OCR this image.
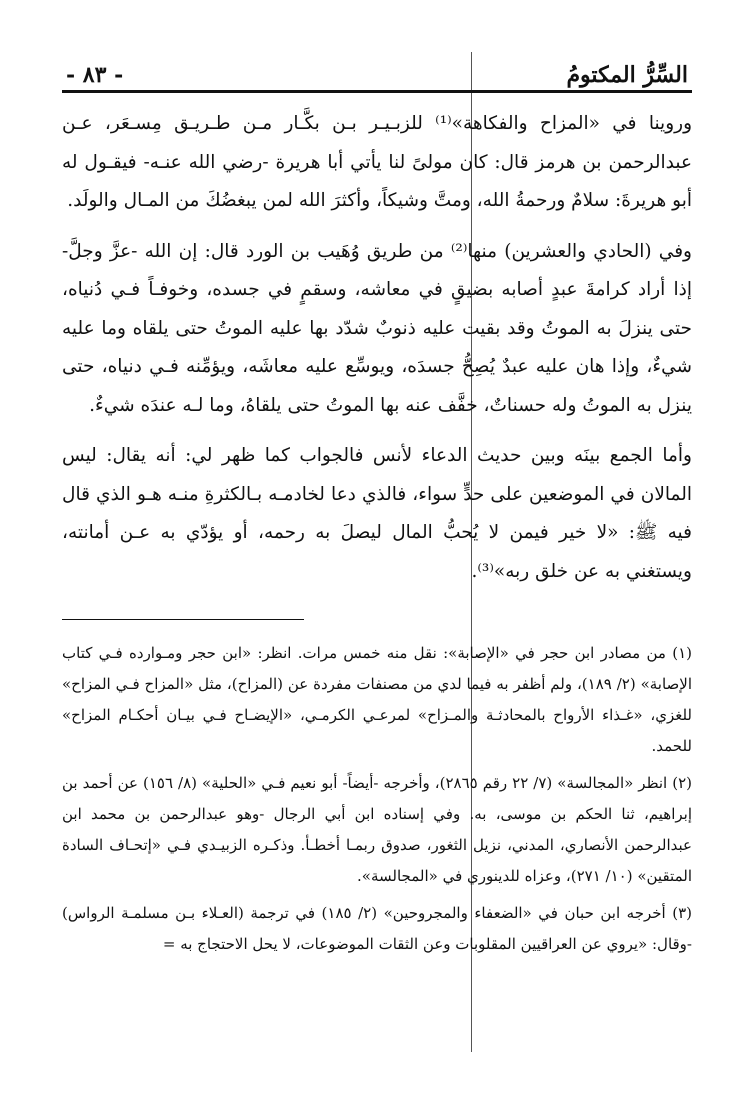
السِّرُّ المكتومُ
- ٨٣ -

وروينا في «المزاح والفكاهة»⁽¹⁾ للزبـيـر بـن بكَّـار مـن طـريـق مِسـعَر، عـن عبدالرحمن بن هرمز قال: كان مولىً لنا يأتي أبا هريرة -رضي الله عنـه- فيقـول له أبو هريرةَ: سلامٌ ورحمةُ الله، ومتَّ وشيكاً، وأكثرَ الله لمن يبغضُكَ من المـال والولَد.

وفي (الحادي والعشرين) منها⁽²⁾ من طريق وُهَيب بن الورد قال: إن الله -عزَّ وجلَّ- إذا أراد كرامةَ عبدٍ أصابه بضيقٍ في معاشه، وسقمٍ في جسده، وخوفـاً فـي دُنياه، حتى ينزلَ به الموتُ وقد بقيت عليه ذنوبٌ شدّد بها عليه الموتُ حتى يلقاه وما عليه شيءٌ، وإذا هان عليه عبدٌ يُصِحُّ جسدَه، ويوسِّع عليه معاشَه، ويؤمِّنه فـي دنياه، حتى ينزل به الموتُ وله حسناتٌ، خفَّف عنه بها الموتُ حتى يلقاهُ، وما لـه عندَه شيءٌ.

وأما الجمع بينَه وبين حديث الدعاء لأنس فالجواب كما ظهر لي: أنه يقال: ليس المالان في الموضعين على حدٍّ سواء، فالذي دعا لخادمـه بـالكثرةِ منـه هـو الذي قال فيه ﷺ: «لا خير فيمن لا يُحبُّ المال ليصلَ به رحمه، أو يؤدّي به عـن أمانته، ويستغني به عن خلق ربه»⁽³⁾.

(١) من مصادر ابن حجر في «الإصابة»: نقل منه خمس مرات. انظر: «ابن حجر ومـوارده فـي كتاب الإصابة» (٢/ ١٨٩)، ولم أظفر به فيما لدي من مصنفات مفردة عن (المزاح)، مثل «المزاح فـي المزاح» للغزي، «غـذاء الأرواح بالمحادثـة والمـزاح» لمرعـي الكرمـي، «الإيضـاح فـي بيـان أحكـام المزاح» للحمد.

(٢) انظر «المجالسة» (٧/ ٢٢ رقم ٢٨٦٥)، وأخرجه -أيضاً- أبو نعيم فـي «الحلية» (٨/ ١٥٦) عن أحمد بن إبراهيم، ثنا الحكم بن موسى، به. وفي إسناده ابن أبي الرجال -وهو عبدالرحمن بن محمد ابن عبدالرحمن الأنصاري، المدني، نزيل الثغور، صدوق ربمـا أخطـأ. وذكـره الزبيـدي فـي «إتحـاف السادة المتقين» (١٠/ ٢٧١)، وعزاه للدينوري في «المجالسة».

(٣) أخرجه ابن حبان في «الضعفاء والمجروحين» (٢/ ١٨٥) في ترجمة (العـلاء بـن مسلمـة الرواس) -وقال: «يروي عن العراقيين المقلوبات وعن الثقات الموضوعات، لا يحل الاحتجاج به =
